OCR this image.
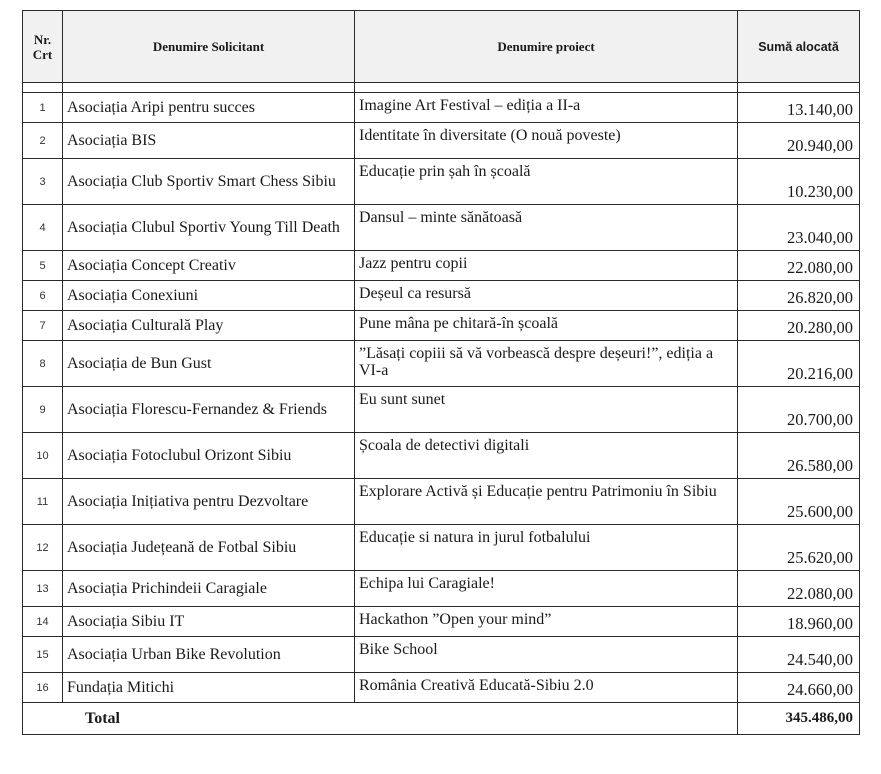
Nr.
Crt	Denumire Solicitant	Denumire proiect	Sumă alocată

1	Asociația Aripi pentru succes	Imagine Art Festival – ediția a II-a	13.140,00
2	Asociația BIS	Identitate în diversitate (O nouă poveste)	20.940,00
3	Asociația Club Sportiv Smart Chess Sibiu	Educație prin șah în școală	10.230,00
4	Asociația Clubul Sportiv Young Till Death	Dansul – minte sănătoasă	23.040,00
5	Asociația Concept Creativ	Jazz pentru copii	22.080,00
6	Asociația Conexiuni	Deșeul ca resursă	26.820,00
7	Asociația Culturală Play	Pune mâna pe chitară-în școală	20.280,00
8	Asociația de Bun Gust	”Lăsați copiii să vă vorbească despre deșeuri!”, ediția a VI-a	20.216,00
9	Asociația Florescu-Fernandez & Friends	Eu sunt sunet	20.700,00
10	Asociația Fotoclubul Orizont Sibiu	Școala de detectivi digitali	26.580,00
11	Asociația Inițiativa pentru Dezvoltare	Explorare Activă și Educație pentru Patrimoniu în Sibiu	25.600,00
12	Asociația Județeană de Fotbal Sibiu	Educație si natura in jurul fotbalului	25.620,00
13	Asociația Prichindeii Caragiale	Echipa lui Caragiale!	22.080,00
14	Asociația Sibiu IT	Hackathon ”Open your mind”	18.960,00
15	Asociația Urban Bike Revolution	Bike School	24.540,00
16	Fundația Mitichi	România Creativă Educată-Sibiu 2.0	24.660,00
Total			345.486,00
